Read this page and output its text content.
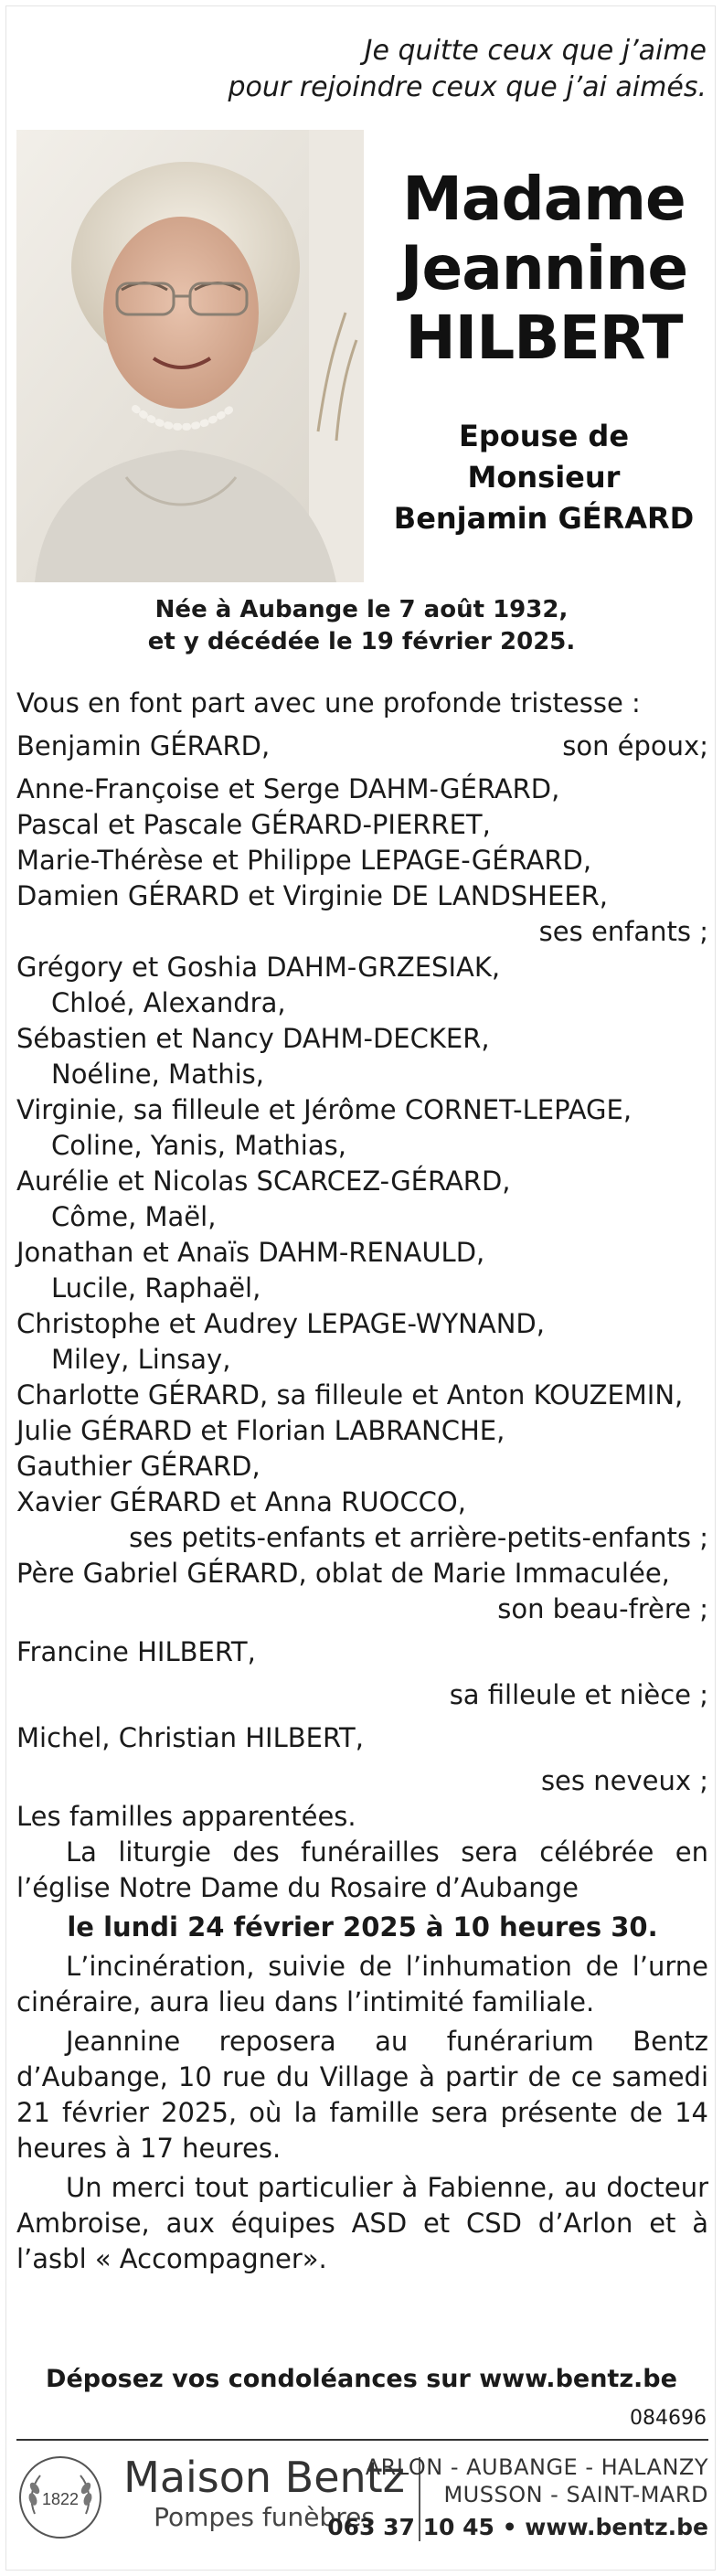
Je quitte ceux que j’aime
pour rejoindre ceux que j’ai aimés.
Madame
Jeannine
HILBERT
Epouse de
Monsieur
Benjamin GÉRARD
Née à Aubange le 7 août 1932,
et y décédée le 19 février 2025.
Vous en font part avec une profonde tristesse :
Benjamin GÉRARD,	son époux;
Anne-Françoise et Serge DAHM-GÉRARD,
Pascal et Pascale GÉRARD-PIERRET,
Marie-Thérèse et Philippe LEPAGE-GÉRARD,
Damien GÉRARD et Virginie DE LANDSHEER,
ses enfants ;
Grégory et Goshia DAHM-GRZESIAK,
Chloé, Alexandra,
Sébastien et Nancy DAHM-DECKER,
Noéline, Mathis,
Virginie, sa filleule et Jérôme CORNET-LEPAGE,
Coline, Yanis, Mathias,
Aurélie et Nicolas SCARCEZ-GÉRARD,
Côme, Maël,
Jonathan et Anaïs DAHM-RENAULD,
Lucile, Raphaël,
Christophe et Audrey LEPAGE-WYNAND,
Miley, Linsay,
Charlotte GÉRARD, sa filleule et Anton KOUZEMIN,
Julie GÉRARD et Florian LABRANCHE,
Gauthier GÉRARD,
Xavier GÉRARD et Anna RUOCCO,
ses petits-enfants et arrière-petits-enfants ;
Père Gabriel GÉRARD, oblat de Marie Immaculée,
son beau-frère ;
Francine HILBERT,
sa filleule et nièce ;
Michel, Christian HILBERT,
ses neveux ;
Les familles apparentées.
La liturgie des funérailles sera célébrée en l’église Notre Dame du Rosaire d’Aubange
le lundi 24 février 2025 à 10 heures 30.
L’incinération, suivie de l’inhumation de l’urne cinéraire, aura lieu dans l’intimité familiale.
Jeannine reposera au funérarium Bentz d’Aubange, 10 rue du Village à partir de ce samedi 21 février 2025, où la famille sera présente de 14 heures à 17 heures.
Un merci tout particulier à Fabienne, au docteur Ambroise, aux équipes ASD et CSD d’Arlon et à l’asbl « Accompagner».
Déposez vos condoléances sur www.bentz.be
084696
1822 Maison Bentz
Pompes funèbres
ARLON - AUBANGE - HALANZY
MUSSON - SAINT-MARD
063 37 10 45 • www.bentz.be
